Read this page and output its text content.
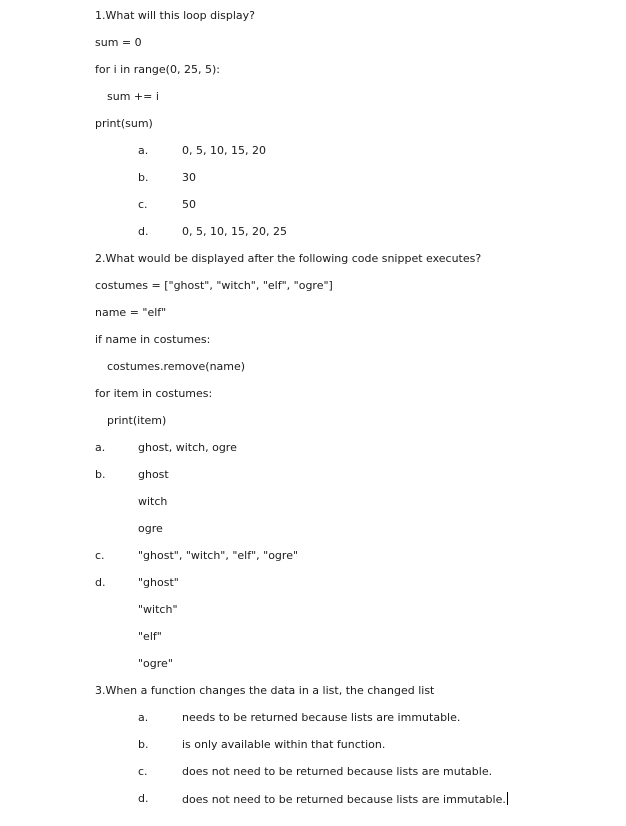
1.What will this loop display?
sum = 0
for i in range(0, 25, 5):
sum += i
print(sum)
a.	0, 5, 10, 15, 20
b.	30
c.	50
d.	0, 5, 10, 15, 20, 25
2.What would be displayed after the following code snippet executes?
costumes = ["ghost", "witch", "elf", "ogre"]
name = "elf"
if name in costumes:
costumes.remove(name)
for item in costumes:
print(item)
a.	ghost, witch, ogre
b.	ghost
witch
ogre
c.	"ghost", "witch", "elf", "ogre"
d.	"ghost"
"witch"
"elf"
"ogre"
3.When a function changes the data in a list, the changed list
a.	needs to be returned because lists are immutable.
b.	is only available within that function.
c.	does not need to be returned because lists are mutable.
d.	does not need to be returned because lists are immutable.
